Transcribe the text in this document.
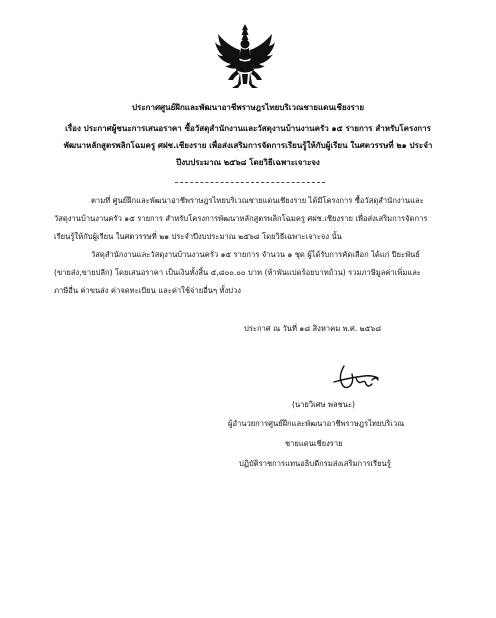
ประกาศศูนย์ฝึกและพัฒนาอาชีพราษฎรไทยบริเวณชายแดนเชียงราย
เรื่อง ประกาศผู้ชนะการเสนอราคา ซื้อวัสดุสำนักงานและวัสดุงานบ้านงานครัว ๑๕ รายการ สำหรับโครงการ
พัฒนาหลักสูตรพลิกโฉมครู ศฝช.เชียงราย เพื่อส่งเสริมการจัดการเรียนรู้ให้กับผู้เรียน ในศตวรรษที่ ๒๑ ประจำ
ปีงบประมาณ ๒๕๖๘ โดยวิธีเฉพาะเจาะจง
ตามที่ ศูนย์ฝึกและพัฒนาอาชีพราษฎรไทยบริเวณชายแดนเชียงราย ได้มีโครงการ ซื้อวัสดุสำนักงานและ
วัสดุงานบ้านงานครัว ๑๕ รายการ สำหรับโครงการพัฒนาหลักสูตรพลิกโฉมครู ศฝช.เชียงราย เพื่อส่งเสริมการจัดการ
เรียนรู้ให้กับผู้เรียน ในศตวรรษที่ ๒๑ ประจำปีงบประมาณ ๒๕๖๘ โดยวิธีเฉพาะเจาะจง นั้น
วัสดุสำนักงานและวัสดุงานบ้านงานครัว ๑๕ รายการ จำนวน ๑ ชุด ผู้ได้รับการคัดเลือก ได้แก่ ปียะพันธ์
(ขายส่ง,ขายปลีก) โดยเสนอราคา เป็นเงินทั้งสิ้น ๕,๘๐๐.๐๐ บาท (ห้าพันแปดร้อยบาทถ้วน) รวมภาษีมูลค่าเพิ่มและ
ภาษีอื่น ค่าขนส่ง ค่าจดทะเบียน และค่าใช้จ่ายอื่นๆ ทั้งปวง
ประกาศ ณ วันที่ ๑๘ สิงหาคม พ.ศ. ๒๕๖๘
(นายวิเศษ พลชนะ)
ผู้อำนวยการศูนย์ฝึกและพัฒนาอาชีพราษฎรไทยบริเวณ
ชายแดนเชียงราย
ปฏิบัติราชการแทนอธิบดีกรมส่งเสริมการเรียนรู้
